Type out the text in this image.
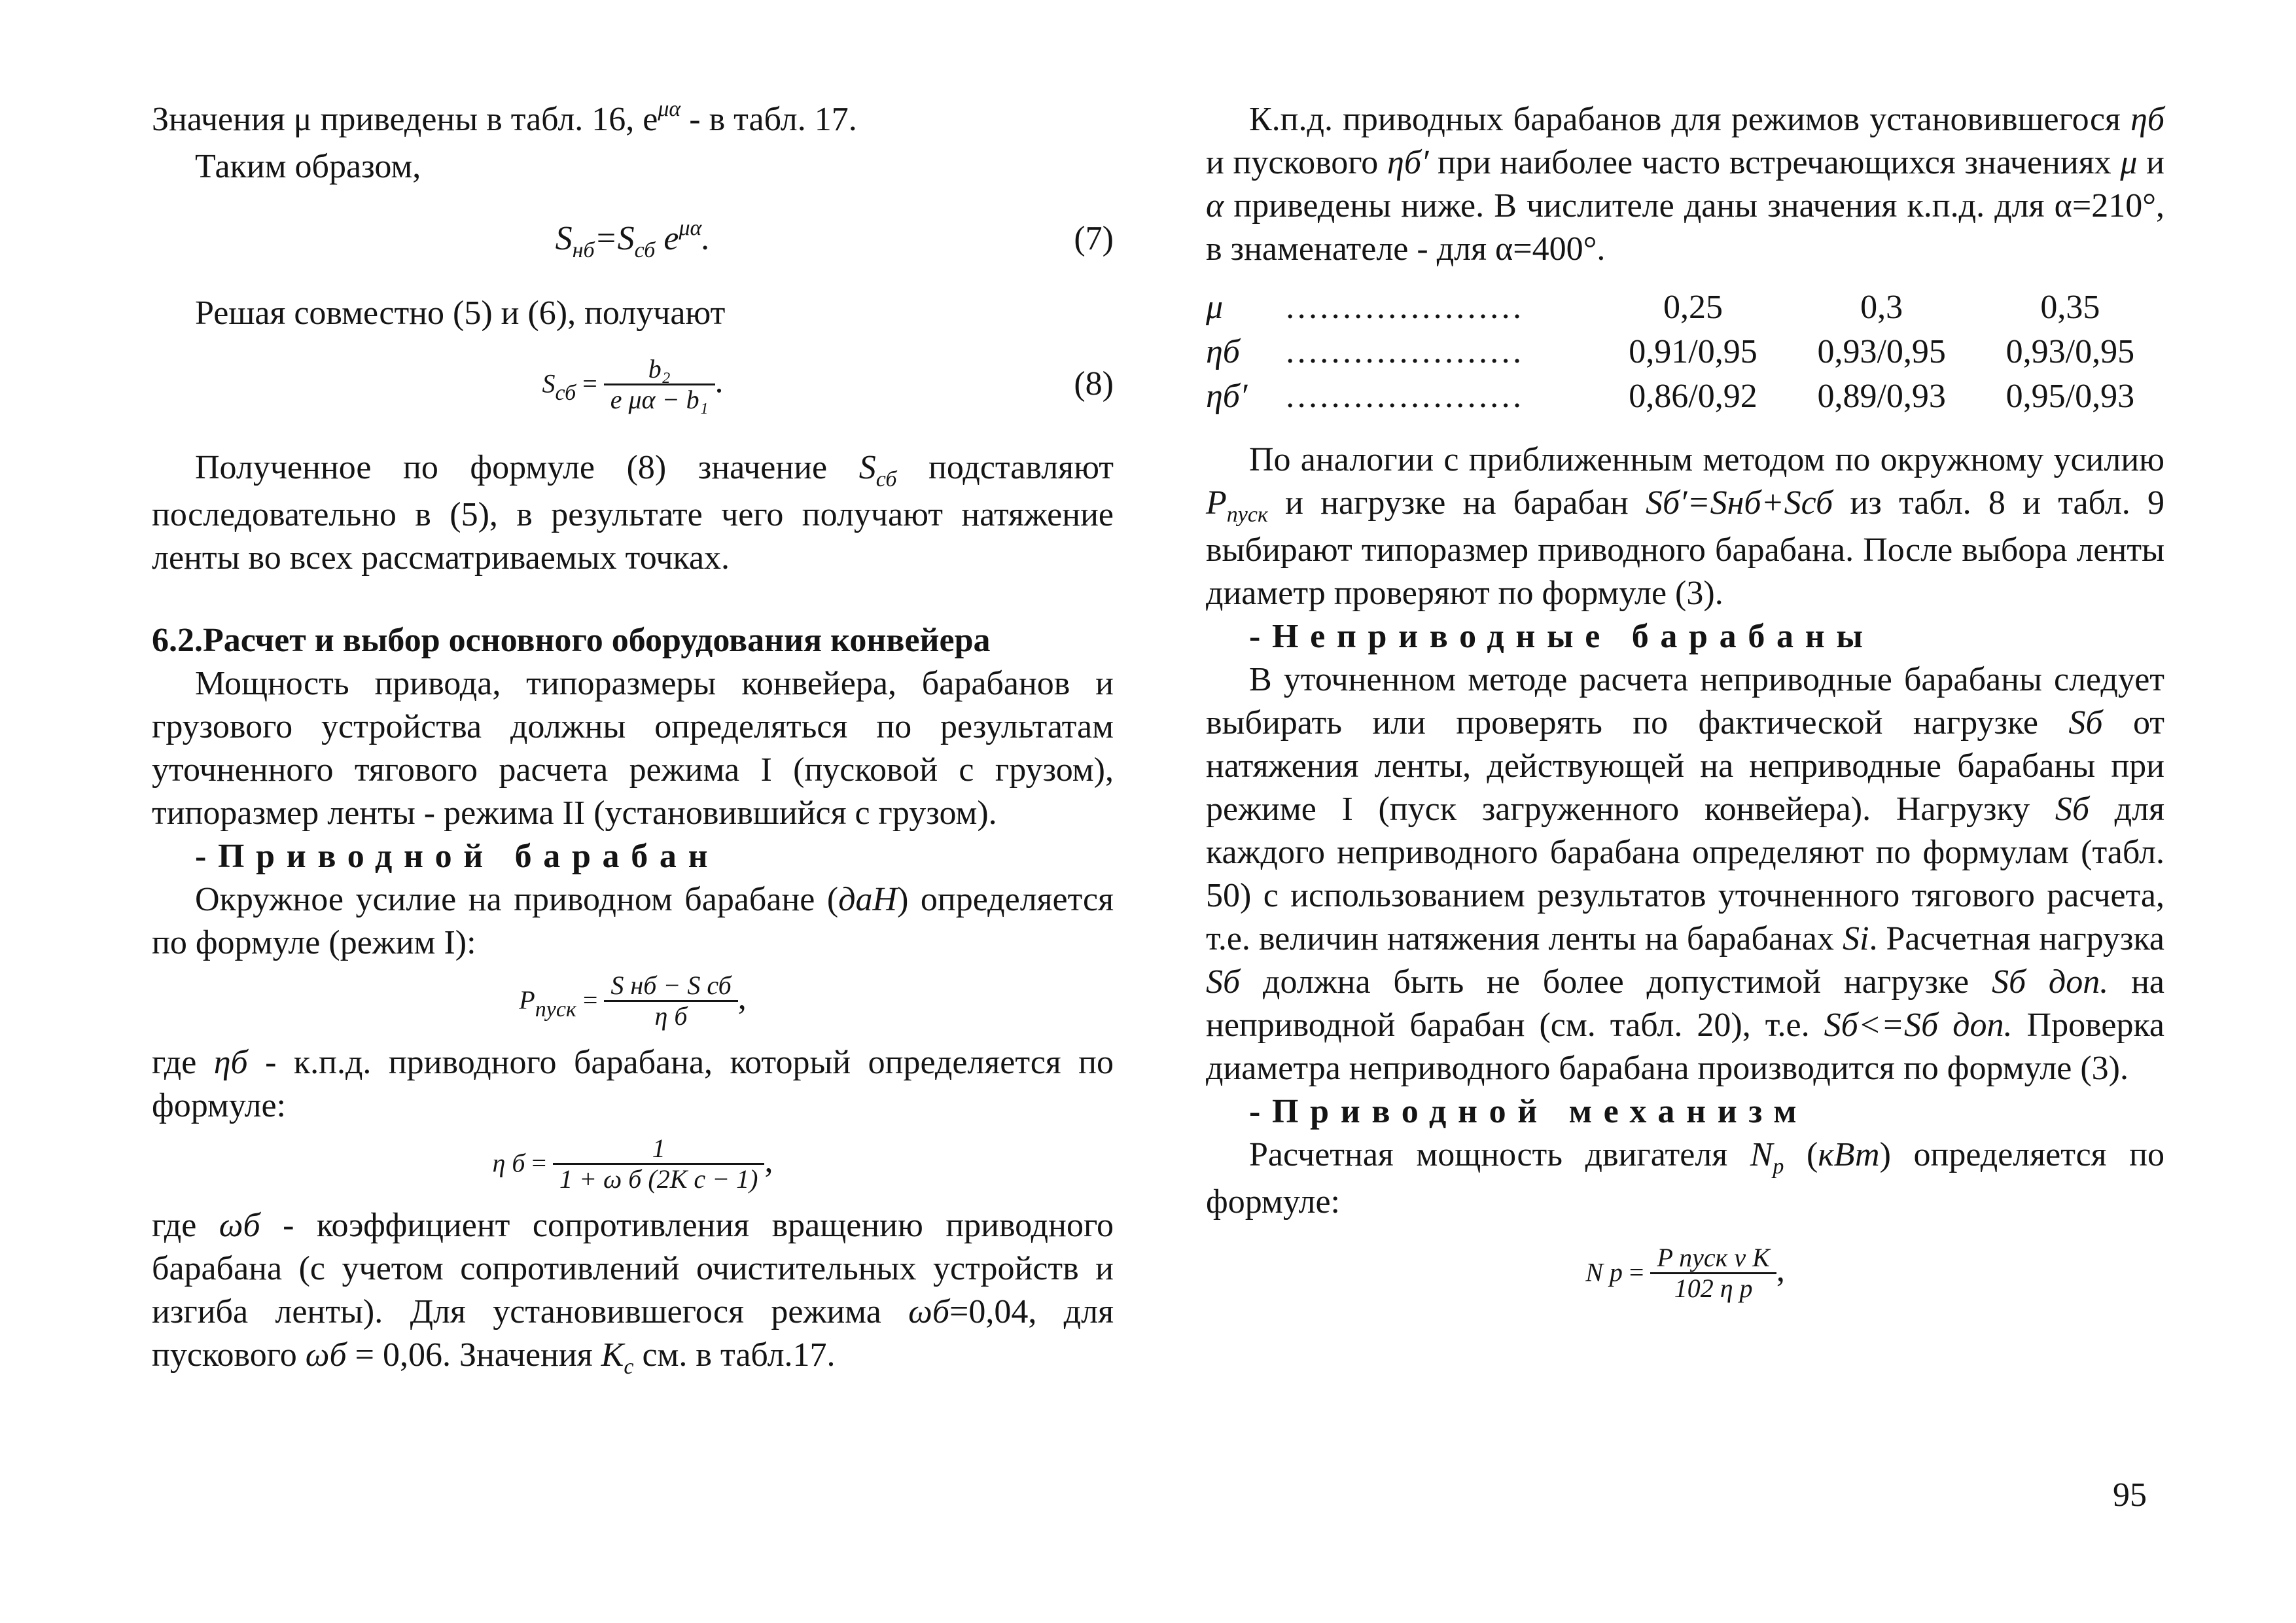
Значения μ приведены в табл. 16, $e^{\mu\alpha}$ - в табл. 17.

Таким образом,

$S_{нб}=S_{сб}$ $e^{\mu\alpha}$.	(7)

Решая совместно (5) и (6), получают

$S_{сб} = \frac{\text{b₂}}{\text{e μα − b₁}}$ .	(8)

Полученное по формуле (8) значение $S_{сб}$ подставляют последовательно в (5), в результате чего получают натяжение ленты во всех рассматриваемых точках.

6.2.Расчет и выбор основного оборудования конвейера

Мощность привода, типоразмеры конвейера, барабанов и грузового устройства должны определяться по результатам уточненного тягового расчета режима I (пусковой с грузом), типоразмер ленты - режима II (установившийся с грузом).

-Приводной барабан

Окружное усилие на приводном барабане (даН) определяется по формуле (режим I):

$P_{пуск} = \frac{\text{S нб − S сб}}{\text{η б}}$ ,

где ηб - к.п.д. приводного барабана, который определяется по формуле:

η $б = \frac{1}{\text{1 + ω б (2K c − 1)}}$ ,

где ωб - коэффициент сопротивления вращению приводного барабана (с учетом сопротивлений очистительных устройств и изгиба ленты). Для установившегося режима ωб=0,04, для пускового ωб = 0,06. Значения $K_c$ см. в табл.17.

К.п.д. приводных барабанов для режимов установившегося ηб и пускового ηб′ при наиболее часто встречающихся значениях μ и α приведены ниже. В числителе даны значения к.п.д. для α=210°, в знаменателе - для α=400°.

μ	…………………	0,25	0,3	0,35
ηб	…………………	0,91/0,95	0,93/0,95	0,93/0,95
ηб′	…………………	0,86/0,92	0,89/0,93	0,95/0,93

По аналогии с приближенным методом по окружному усилию $P_{пуск}$ и нагрузке на барабан Sб′=Sнб+Sсб из табл. 8 и табл. 9 выбирают типоразмер приводного барабана. После выбора ленты диаметр проверяют по формуле (3).

-Неприводные барабаны

В уточненном методе расчета неприводные барабаны следует выбирать или проверять по фактической нагрузке Sб от натяжения ленты, действующей на неприводные барабаны при режиме I (пуск загруженного конвейера). Нагрузку Sб для каждого неприводного барабана определяют по формулам (табл. 50) с использованием результатов уточненного тягового расчета, т.е. величин натяжения ленты на барабанах Si. Расчетная нагрузка Sб должна быть не более допустимой нагрузке Sб доп. на неприводной барабан (см. табл. 20), т.е. Sб<=Sб доп. Проверка диаметра неприводного барабана производится по формуле (3).

-Приводной механизм

Расчетная мощность двигателя $N_p$ (кВт) определяется по формуле:

N $p = \frac{\text{P пуск v K}}{\text{102 η p}}$ ,
95
